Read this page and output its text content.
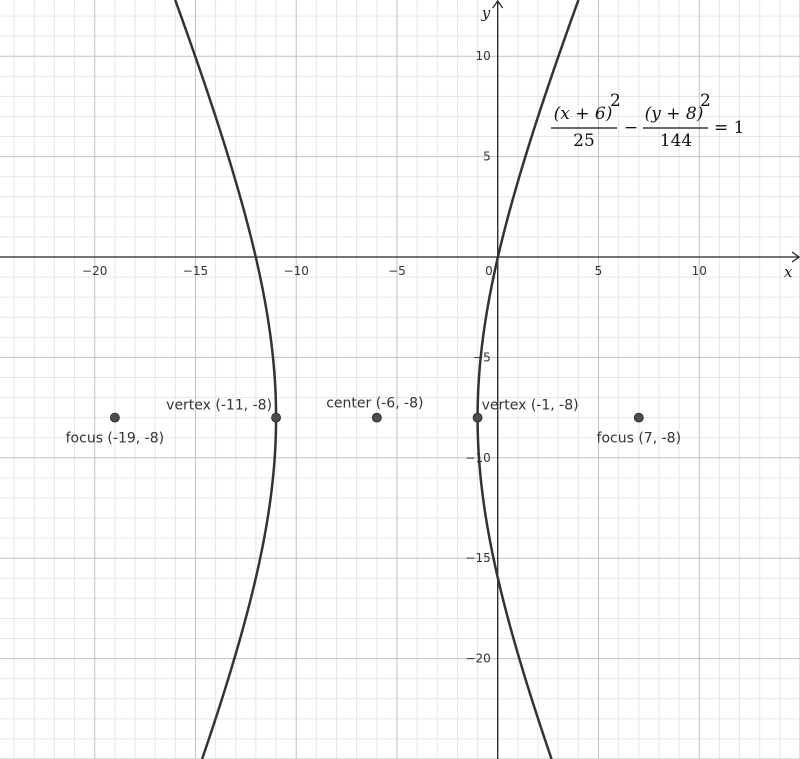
x
y
−20	−15	−10	−5	0	5	10
−20
−15
−10
−5
5
10
focus (-19, -8)
vertex (-11, -8)	center (-6, -8)	vertex (-1, -8)
focus (7, -8)
(x + 6)
2
25
−
(y + 8)
2
144
= 1
